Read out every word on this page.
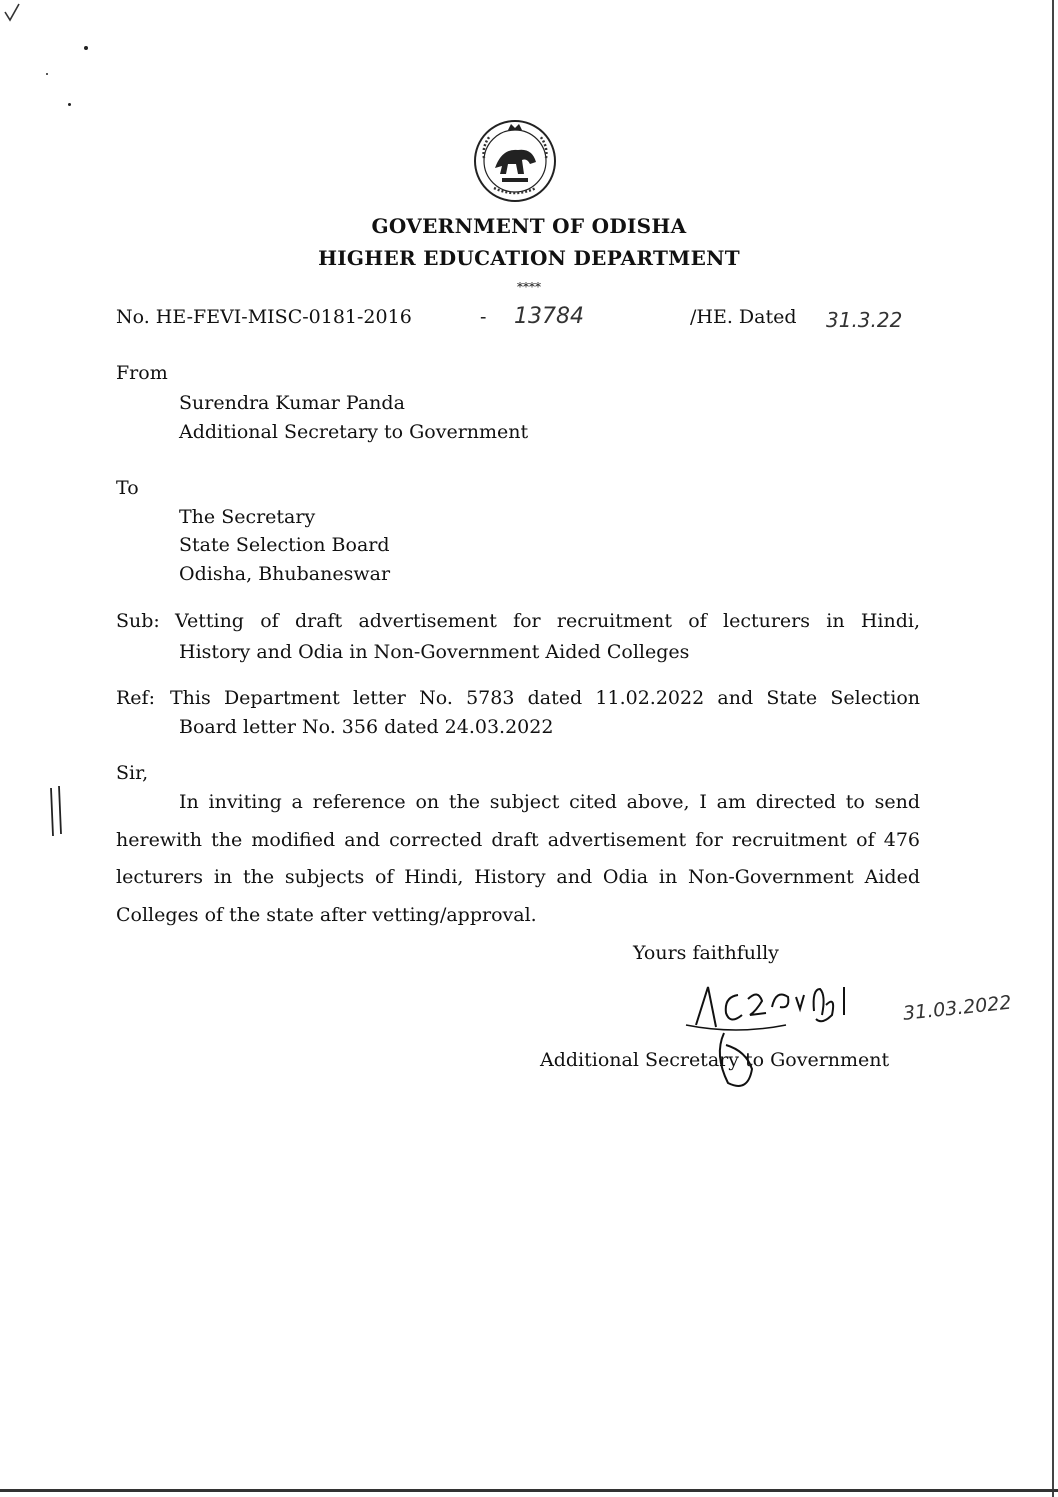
GOVERNMENT OF ODISHA
HIGHER EDUCATION DEPARTMENT
****
No. HE-FEVI-MISC-0181-2016	- 13784	/HE. Dated 31.3.22
From
Surendra Kumar Panda
Additional Secretary to Government
To
The Secretary
State Selection Board
Odisha, Bhubaneswar
Sub: Vetting of draft advertisement for recruitment of lecturers in Hindi,
History and Odia in Non-Government Aided Colleges
Ref: This Department letter No. 5783 dated 11.02.2022 and State Selection
Board letter No. 356 dated 24.03.2022
Sir,
In inviting a reference on the subject cited above, I am directed to send herewith the modified and corrected draft advertisement for recruitment of 476 lecturers in the subjects of Hindi, History and Odia in Non-Government Aided Colleges of the state after vetting/approval.
Yours faithfully
31.03.2022
Additional Secretary to Government
